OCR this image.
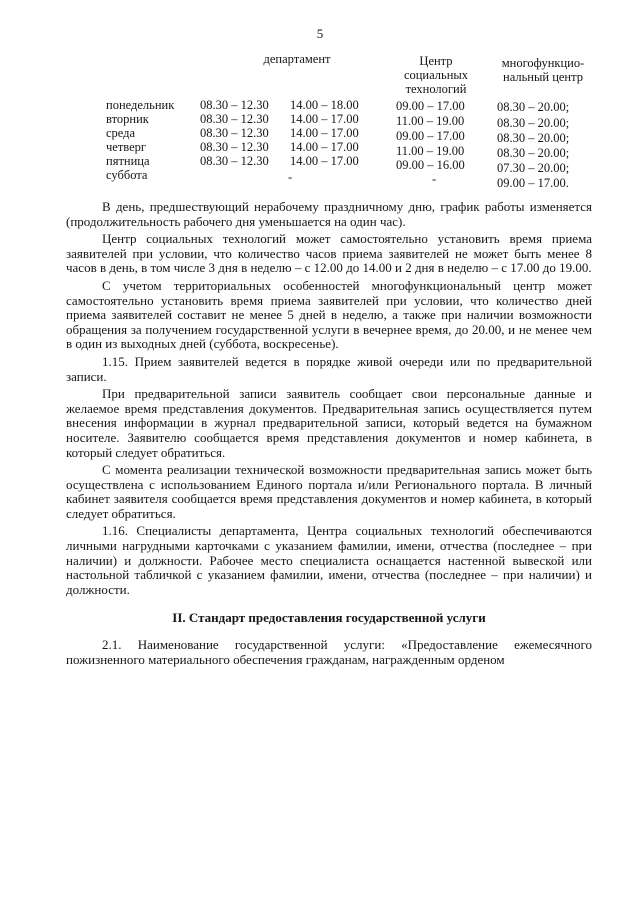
5
департамент	Центр
социальных
технологий
многофункцио-
нальный центр
понедельник 08.30 – 12.30 14.00 – 18.00	09.00 – 17.00	08.30 – 20.00;
вторник	08.30 – 12.30 14.00 – 17.00	11.00 – 19.00	08.30 – 20.00;
среда	08.30 – 12.30 14.00 – 17.00	09.00 – 17.00	08.30 – 20.00;
четверг	08.30 – 12.30 14.00 – 17.00	11.00 – 19.00	08.30 – 20.00;
пятница	08.30 – 12.30 14.00 – 17.00	09.00 – 16.00	07.30 – 20.00;
суббота	-	-	09.00 – 17.00.

В день, предшествующий нерабочему праздничному дню, график работы изменяется (продолжительность рабочего дня уменьшается на один час).

Центр социальных технологий может самостоятельно установить время приема заявителей при условии, что количество часов приема заявителей не может быть менее 8 часов в день, в том числе 3 дня в неделю – с 12.00 до 14.00 и 2 дня в неделю – с 17.00 до 19.00.

С учетом территориальных особенностей многофункциональный центр может самостоятельно установить время приема заявителей при условии, что количество дней приема заявителей составит не менее 5 дней в неделю, а также при наличии возможности обращения за получением государственной услуги в вечернее время, до 20.00, и не менее чем в один из выходных дней (суббота, воскресенье).

1.15. Прием заявителей ведется в порядке живой очереди или по предварительной записи.

При предварительной записи заявитель сообщает свои персональные данные и желаемое время представления документов. Предварительная запись осуществляется путем внесения информации в журнал предварительной записи, который ведется на бумажном носителе. Заявителю сообщается время представления документов и номер кабинета, в который следует обратиться.

С момента реализации технической возможности предварительная запись может быть осуществлена с использованием Единого портала и/или Регионального портала. В личный кабинет заявителя сообщается время представления документов и номер кабинета, в который следует обратиться.

1.16. Специалисты департамента, Центра социальных технологий обеспечиваются личными нагрудными карточками с указанием фамилии, имени, отчества (последнее – при наличии) и должности. Рабочее место специалиста оснащается настенной вывеской или настольной табличкой с указанием фамилии, имени, отчества (последнее – при наличии) и должности.

II. Стандарт предоставления государственной услуги

2.1. Наименование государственной услуги: «Предоставление ежемесячного пожизненного материального обеспечения гражданам, награжденным орденом
